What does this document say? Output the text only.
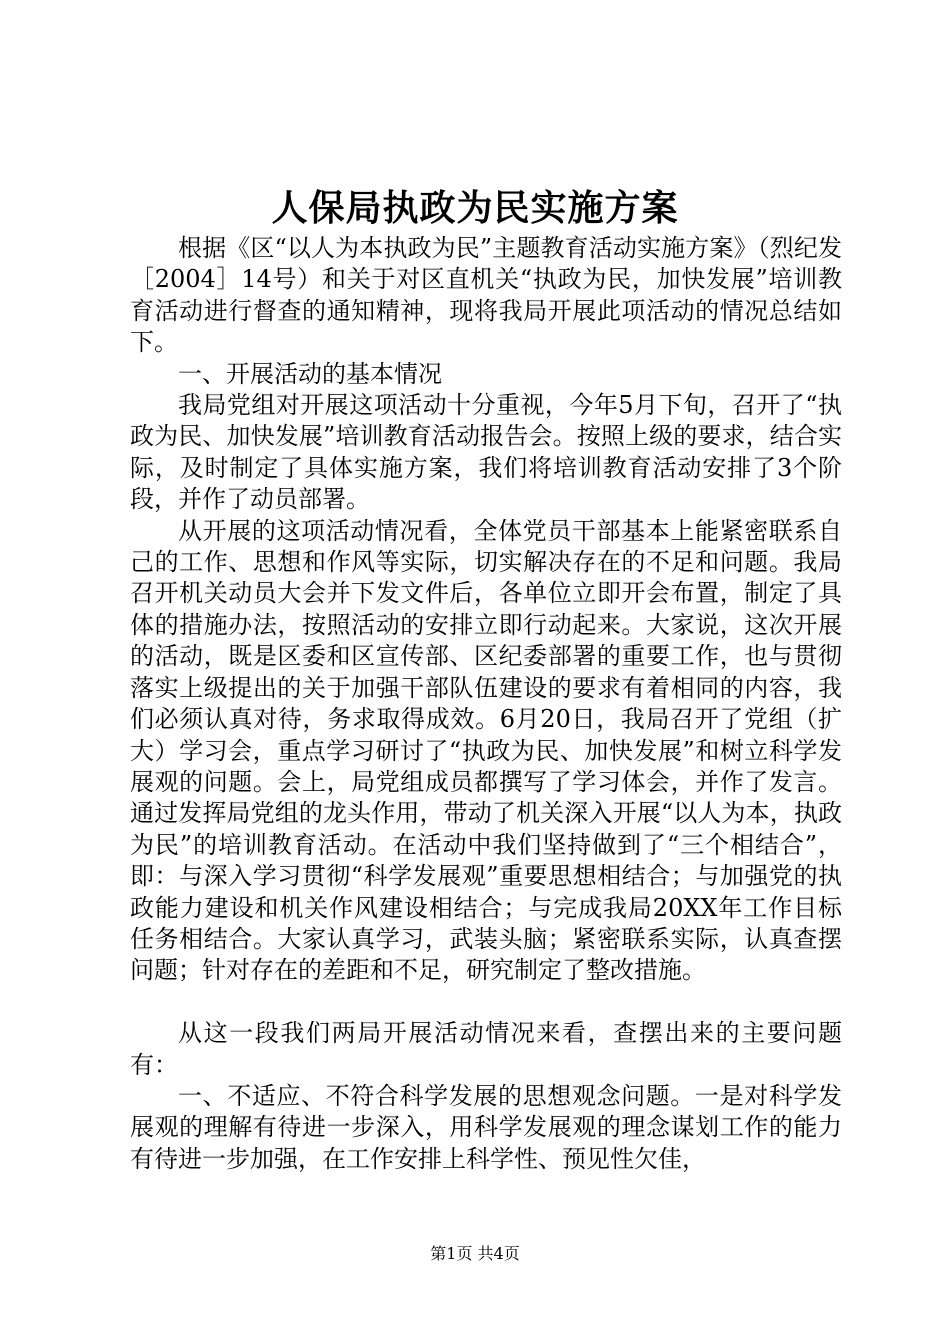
人保局执政为民实施方案

根据《区“以人为本执政为民”主题教育活动实施方案》（烈纪发［2004］14号）和关于对区直机关“执政为民，加快发展”培训教育活动进行督查的通知精神，现将我局开展此项活动的情况总结如下。

一、开展活动的基本情况

我局党组对开展这项活动十分重视，今年5月下旬，召开了“执政为民、加快发展”培训教育活动报告会。按照上级的要求，结合实际，及时制定了具体实施方案，我们将培训教育活动安排了3个阶段，并作了动员部署。

从开展的这项活动情况看，全体党员干部基本上能紧密联系自己的工作、思想和作风等实际，切实解决存在的不足和问题。我局召开机关动员大会并下发文件后，各单位立即开会布置，制定了具体的措施办法，按照活动的安排立即行动起来。大家说，这次开展的活动，既是区委和区宣传部、区纪委部署的重要工作，也与贯彻落实上级提出的关于加强干部队伍建设的要求有着相同的内容，我们必须认真对待，务求取得成效。6月20日，我局召开了党组（扩大）学习会，重点学习研讨了“执政为民、加快发展”和树立科学发展观的问题。会上，局党组成员都撰写了学习体会，并作了发言。通过发挥局党组的龙头作用，带动了机关深入开展“以人为本，执政为民”的培训教育活动。在活动中我们坚持做到了“三个相结合”，即：与深入学习贯彻“科学发展观”重要思想相结合；与加强党的执政能力建设和机关作风建设相结合；与完成我局20XX年工作目标任务相结合。大家认真学习，武装头脑；紧密联系实际，认真查摆问题；针对存在的差距和不足，研究制定了整改措施。

从这一段我们两局开展活动情况来看，查摆出来的主要问题有：

一、不适应、不符合科学发展的思想观念问题。一是对科学发展观的理解有待进一步深入，用科学发展观的理念谋划工作的能力有待进一步加强，在工作安排上科学性、预见性欠佳，

第1页 共4页
